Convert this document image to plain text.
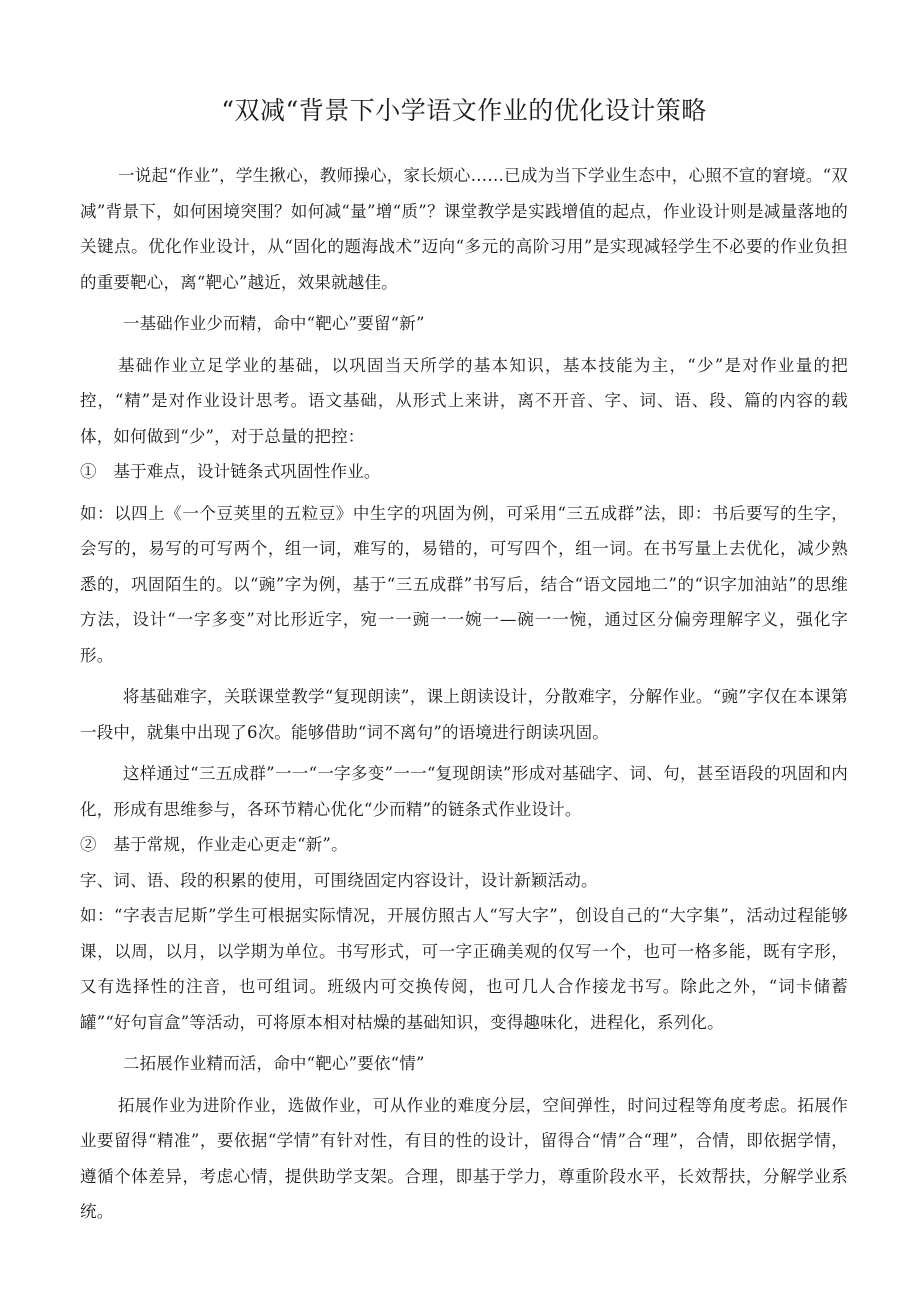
“双减“背景下小学语文作业的优化设计策略

一说起“作业”，学生揪心，教师操心，家长烦心……已成为当下学业生态中，心照不宣的窘境。“双减”背景下，如何困境突围？如何减“量”增“质”？课堂教学是实践增值的起点，作业设计则是减量落地的关键点。优化作业设计，从“固化的题海战术”迈向“多元的高阶习用”是实现减轻学生不必要的作业负担的重要靶心，离“靶心”越近，效果就越佳。

一基础作业少而精，命中“靶心”要留“新”

基础作业立足学业的基础，以巩固当天所学的基本知识，基本技能为主，“少”是对作业量的把控，“精”是对作业设计思考。语文基础，从形式上来讲，离不开音、字、词、语、段、篇的内容的载体，如何做到“少”，对于总量的把控：

①　基于难点，设计链条式巩固性作业。

如：以四上《一个豆荚里的五粒豆》中生字的巩固为例，可采用“三五成群”法，即：书后要写的生字，会写的，易写的可写两个，组一词，难写的，易错的，可写四个，组一词。在书写量上去优化，减少熟悉的，巩固陌生的。以“豌”字为例，基于“三五成群”书写后，结合“语文园地二”的“识字加油站”的思维方法，设计“一字多变”对比形近字，宛一一豌一一婉一—碗一一惋，通过区分偏旁理解字义，强化字形。

将基础难字，关联课堂教学“复现朗读”，课上朗读设计，分散难字，分解作业。“豌”字仅在本课第一段中，就集中出现了6次。能够借助“词不离句”的语境进行朗读巩固。

这样通过“三五成群”一一“一字多变”一一“复现朗读”形成对基础字、词、句，甚至语段的巩固和内化，形成有思维参与，各环节精心优化“少而精”的链条式作业设计。

②　基于常规，作业走心更走“新”。

字、词、语、段的积累的使用，可围绕固定内容设计，设计新颖活动。

如：“字表吉尼斯”学生可根据实际情况，开展仿照古人“写大字”，创设自己的“大字集”，活动过程能够课，以周，以月，以学期为单位。书写形式，可一字正确美观的仅写一个，也可一格多能，既有字形，又有选择性的注音，也可组词。班级内可交换传阅，也可几人合作接龙书写。除此之外，“词卡储蓄罐”“好句盲盒”等活动，可将原本相对枯燥的基础知识，变得趣味化，进程化，系列化。

二拓展作业精而活，命中“靶心”要依“情”

拓展作业为进阶作业，选做作业，可从作业的难度分层，空间弹性，时问过程等角度考虑。拓展作业要留得“精准”，要依据“学情”有针对性，有目的性的设计，留得合“情”合“理”，合情，即依据学情，遵循个体差异，考虑心情，提供助学支架。合理，即基于学力，尊重阶段水平，长效帮扶，分解学业系统。
